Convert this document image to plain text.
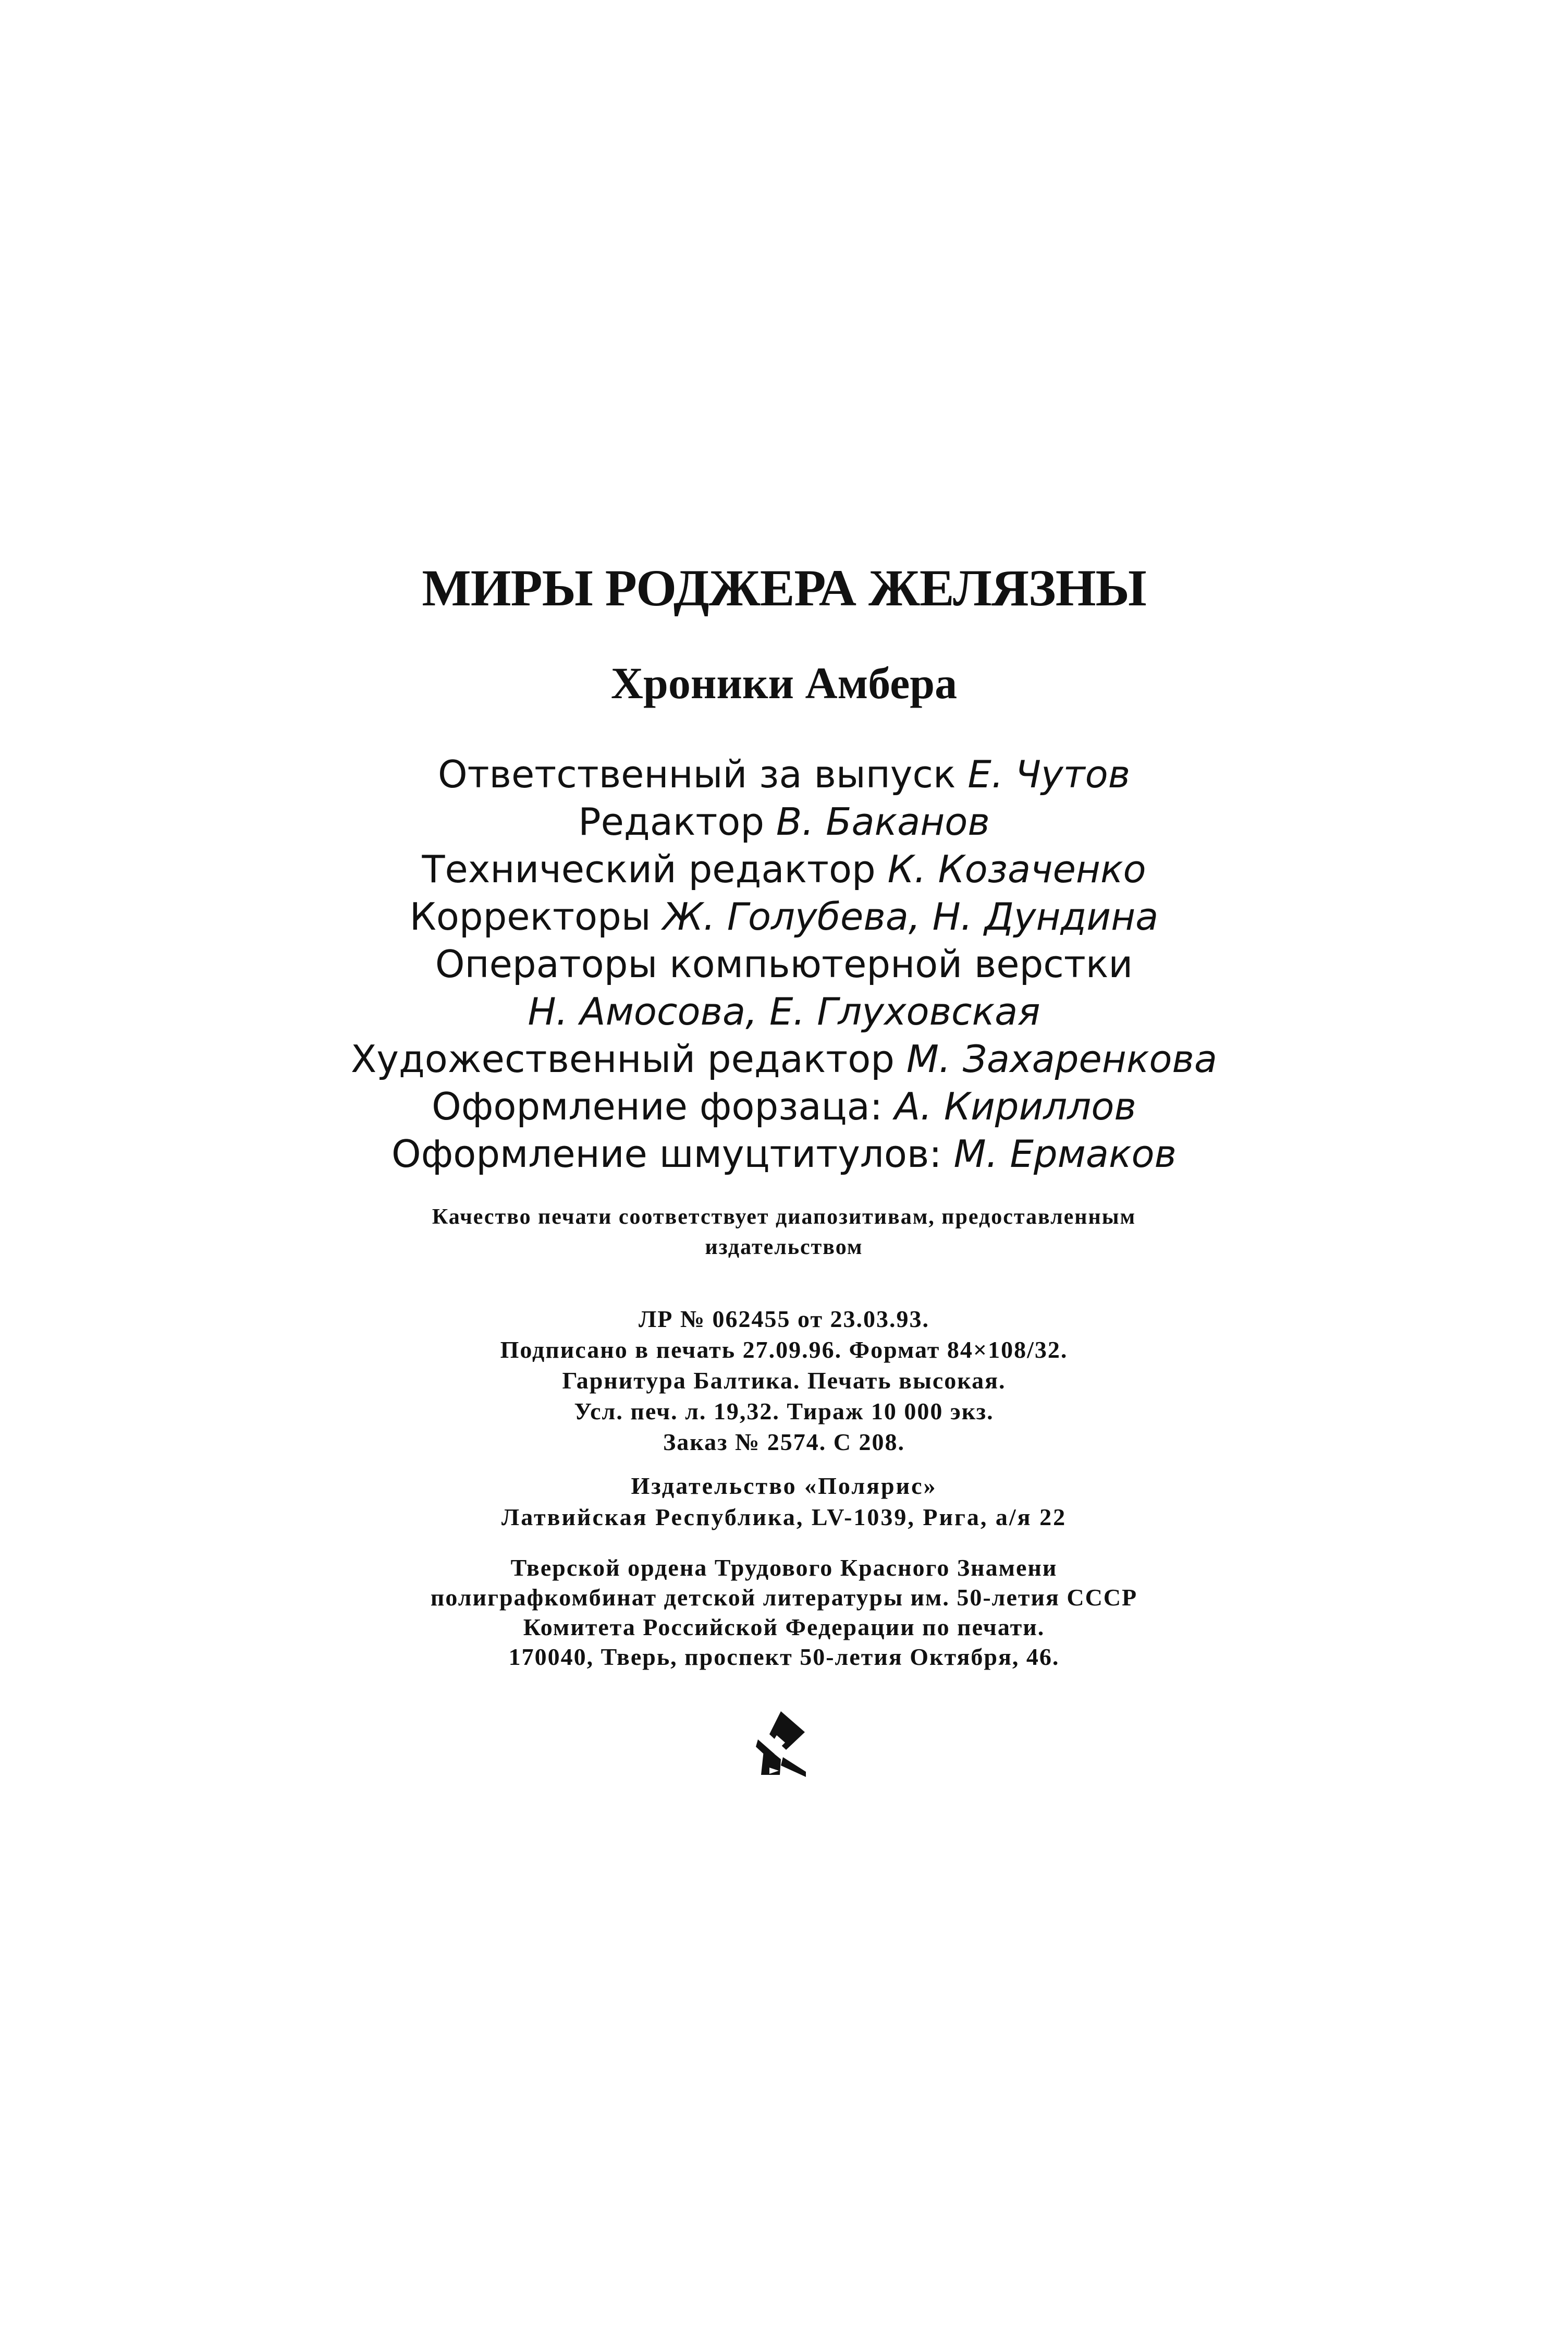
МИРЫ РОДЖЕРА ЖЕЛЯЗНЫ
Хроники Амбера
Ответственный за выпуск Е. Чутов
Редактор В. Баканов
Технический редактор К. Козаченко
Корректоры Ж. Голубева, Н. Дундина
Операторы компьютерной верстки
Н. Амосова, Е. Глуховская
Художественный редактор М. Захаренкова
Оформление форзаца: А. Кириллов
Оформление шмуцтитулов: М. Ермаков
Качество печати соответствует диапозитивам, предоставленным
издательством
ЛР № 062455 от 23.03.93.
Подписано в печать 27.09.96. Формат 84×108/32.
Гарнитура Балтика. Печать высокая.
Усл. печ. л. 19,32. Тираж 10 000 экз.
Заказ № 2574. С 208.
Издательство «Полярис»
Латвийская Республика, LV-1039, Рига, а/я 22
Тверской ордена Трудового Красного Знамени
полиграфкомбинат детской литературы им. 50-летия СССР
Комитета Российской Федерации по печати.
170040, Тверь, проспект 50-летия Октября, 46.
